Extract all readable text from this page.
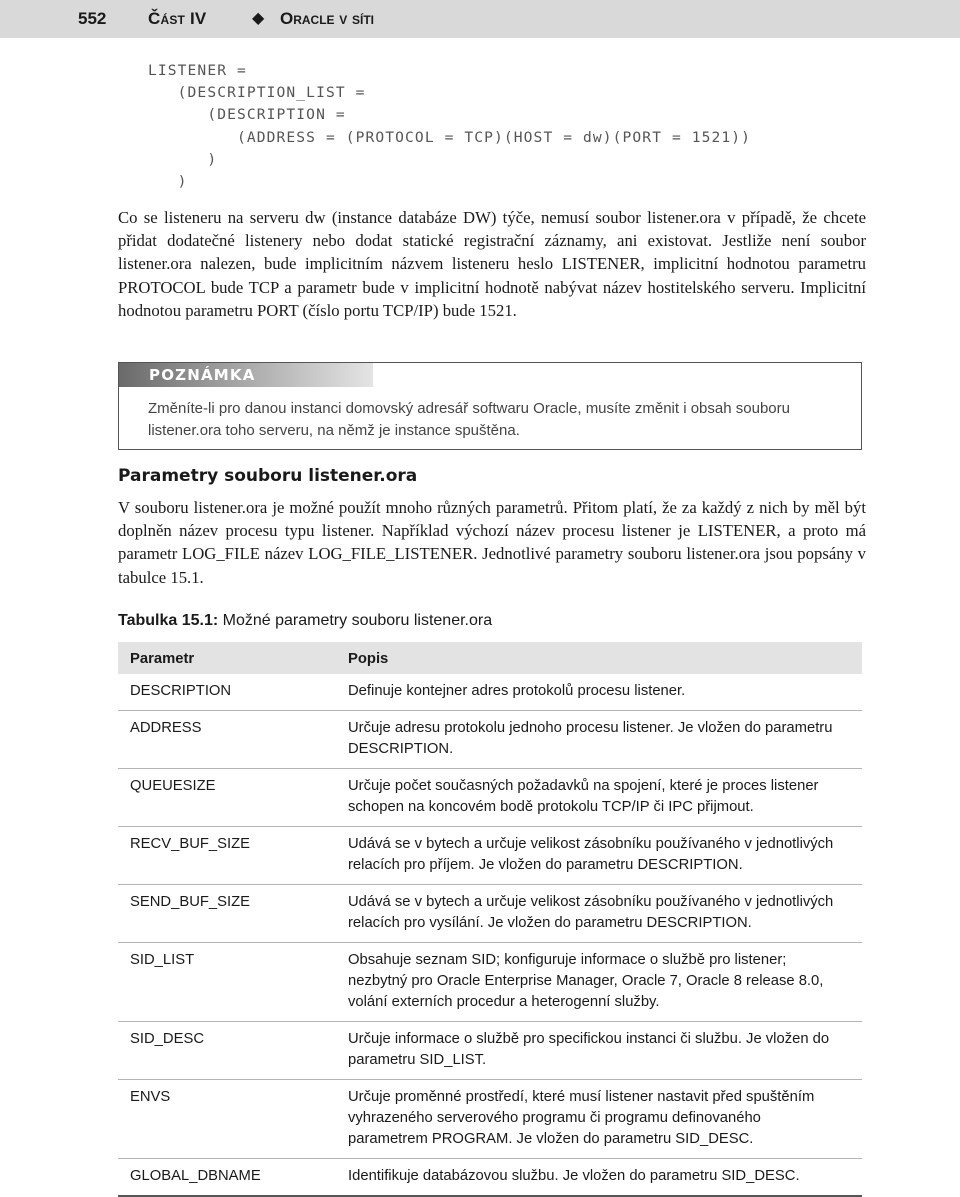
552 Část IV	◆ Oracle v síti
LISTENER =
(DESCRIPTION_LIST =
(DESCRIPTION =
(ADDRESS = (PROTOCOL = TCP)(HOST = dw)(PORT = 1521))
)
)

Co se listeneru na serveru dw (instance databáze DW) týče, nemusí soubor listener.ora v případě, že chcete přidat dodatečné listenery nebo dodat statické registrační záznamy, ani existovat. Jestliže není soubor listener.ora nalezen, bude implicitním názvem listeneru heslo LISTENER, implicitní hodnotou parametru PROTOCOL bude TCP a parametr bude v implicitní hodnotě nabývat název hostitelského serveru. Implicitní hodnotou parametru PORT (číslo portu TCP/IP) bude 1521.

POZNÁMKA

Změníte-li pro danou instanci domovský adresář softwaru Oracle, musíte změnit i obsah souboru listener.ora toho serveru, na němž je instance spuštěna.

Parametry souboru listener.ora

V souboru listener.ora je možné použít mnoho různých parametrů. Přitom platí, že za každý z nich by měl být doplněn název procesu typu listener. Například výchozí název procesu listener je LISTENER, a proto má parametr LOG_FILE název LOG_FILE_LISTENER. Jednotlivé parametry souboru listener.ora jsou popsány v tabulce 15.1.

Tabulka 15.1: Možné parametry souboru listener.ora

Parametr	Popis
DESCRIPTION	Definuje kontejner adres protokolů procesu listener.
ADDRESS	Určuje adresu protokolu jednoho procesu listener. Je vložen do parametru DESCRIPTION.
QUEUESIZE	Určuje počet současných požadavků na spojení, které je proces listener schopen na koncovém bodě protokolu TCP/IP či IPC přijmout.
RECV_BUF_SIZE	Udává se v bytech a určuje velikost zásobníku používaného v jednotlivých relacích pro příjem. Je vložen do parametru DESCRIPTION.
SEND_BUF_SIZE	Udává se v bytech a určuje velikost zásobníku používaného v jednotlivých relacích pro vysílání. Je vložen do parametru DESCRIPTION.
SID_LIST	Obsahuje seznam SID; konfiguruje informace o službě pro listener; nezbytný pro Oracle Enterprise Manager, Oracle 7, Oracle 8 release 8.0, volání externích procedur a heterogenní služby.
SID_DESC	Určuje informace o službě pro specifickou instanci či službu. Je vložen do parametru SID_LIST.
ENVS	Určuje proměnné prostředí, které musí listener nastavit před spuštěním vyhrazeného serverového programu či programu definovaného parametrem PROGRAM. Je vložen do parametru SID_DESC.
GLOBAL_DBNAME	Identifikuje databázovou službu. Je vložen do parametru SID_DESC.
